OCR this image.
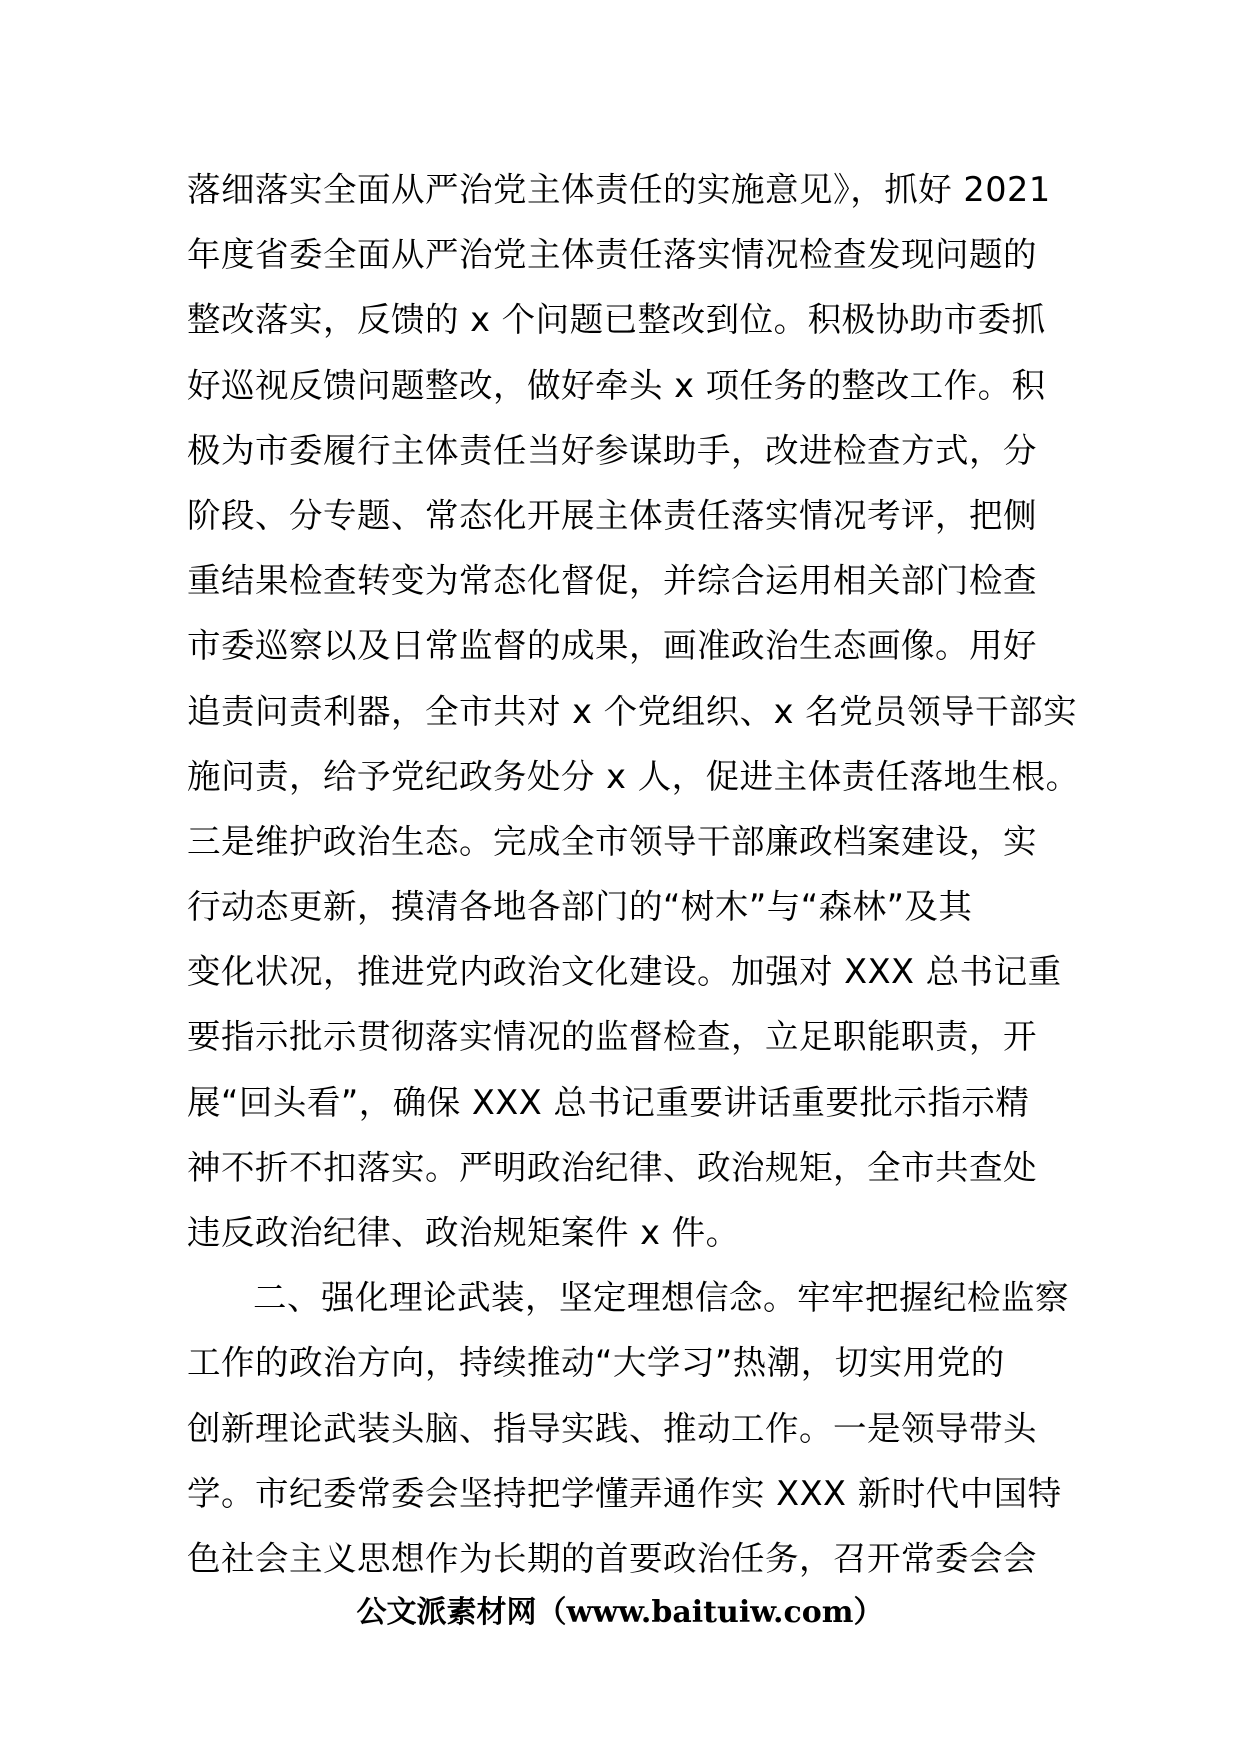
落细落实全面从严治党主体责任的实施意见》，抓好 2021
年度省委全面从严治党主体责任落实情况检查发现问题的
整改落实，反馈的 x 个问题已整改到位。积极协助市委抓
好巡视反馈问题整改，做好牵头 x 项任务的整改工作。积
极为市委履行主体责任当好参谋助手，改进检查方式，分
阶段、分专题、常态化开展主体责任落实情况考评，把侧
重结果检查转变为常态化督促，并综合运用相关部门检查
市委巡察以及日常监督的成果，画准政治生态画像。用好
追责问责利器，全市共对 x 个党组织、x 名党员领导干部实
施问责，给予党纪政务处分 x 人，促进主体责任落地生根。
三是维护政治生态。完成全市领导干部廉政档案建设，实
行动态更新，摸清各地各部门的“树木”与“森林”及其
变化状况，推进党内政治文化建设。加强对 XXX 总书记重
要指示批示贯彻落实情况的监督检查，立足职能职责，开
展“回头看”，确保 XXX 总书记重要讲话重要批示指示精
神不折不扣落实。严明政治纪律、政治规矩，全市共查处
违反政治纪律、政治规矩案件 x 件。
二、强化理论武装，坚定理想信念。牢牢把握纪检监察
工作的政治方向，持续推动“大学习”热潮，切实用党的
创新理论武装头脑、指导实践、推动工作。一是领导带头
学。市纪委常委会坚持把学懂弄通作实 XXX 新时代中国特
色社会主义思想作为长期的首要政治任务，召开常委会会
公文派素材网（www.baituiw.com）
